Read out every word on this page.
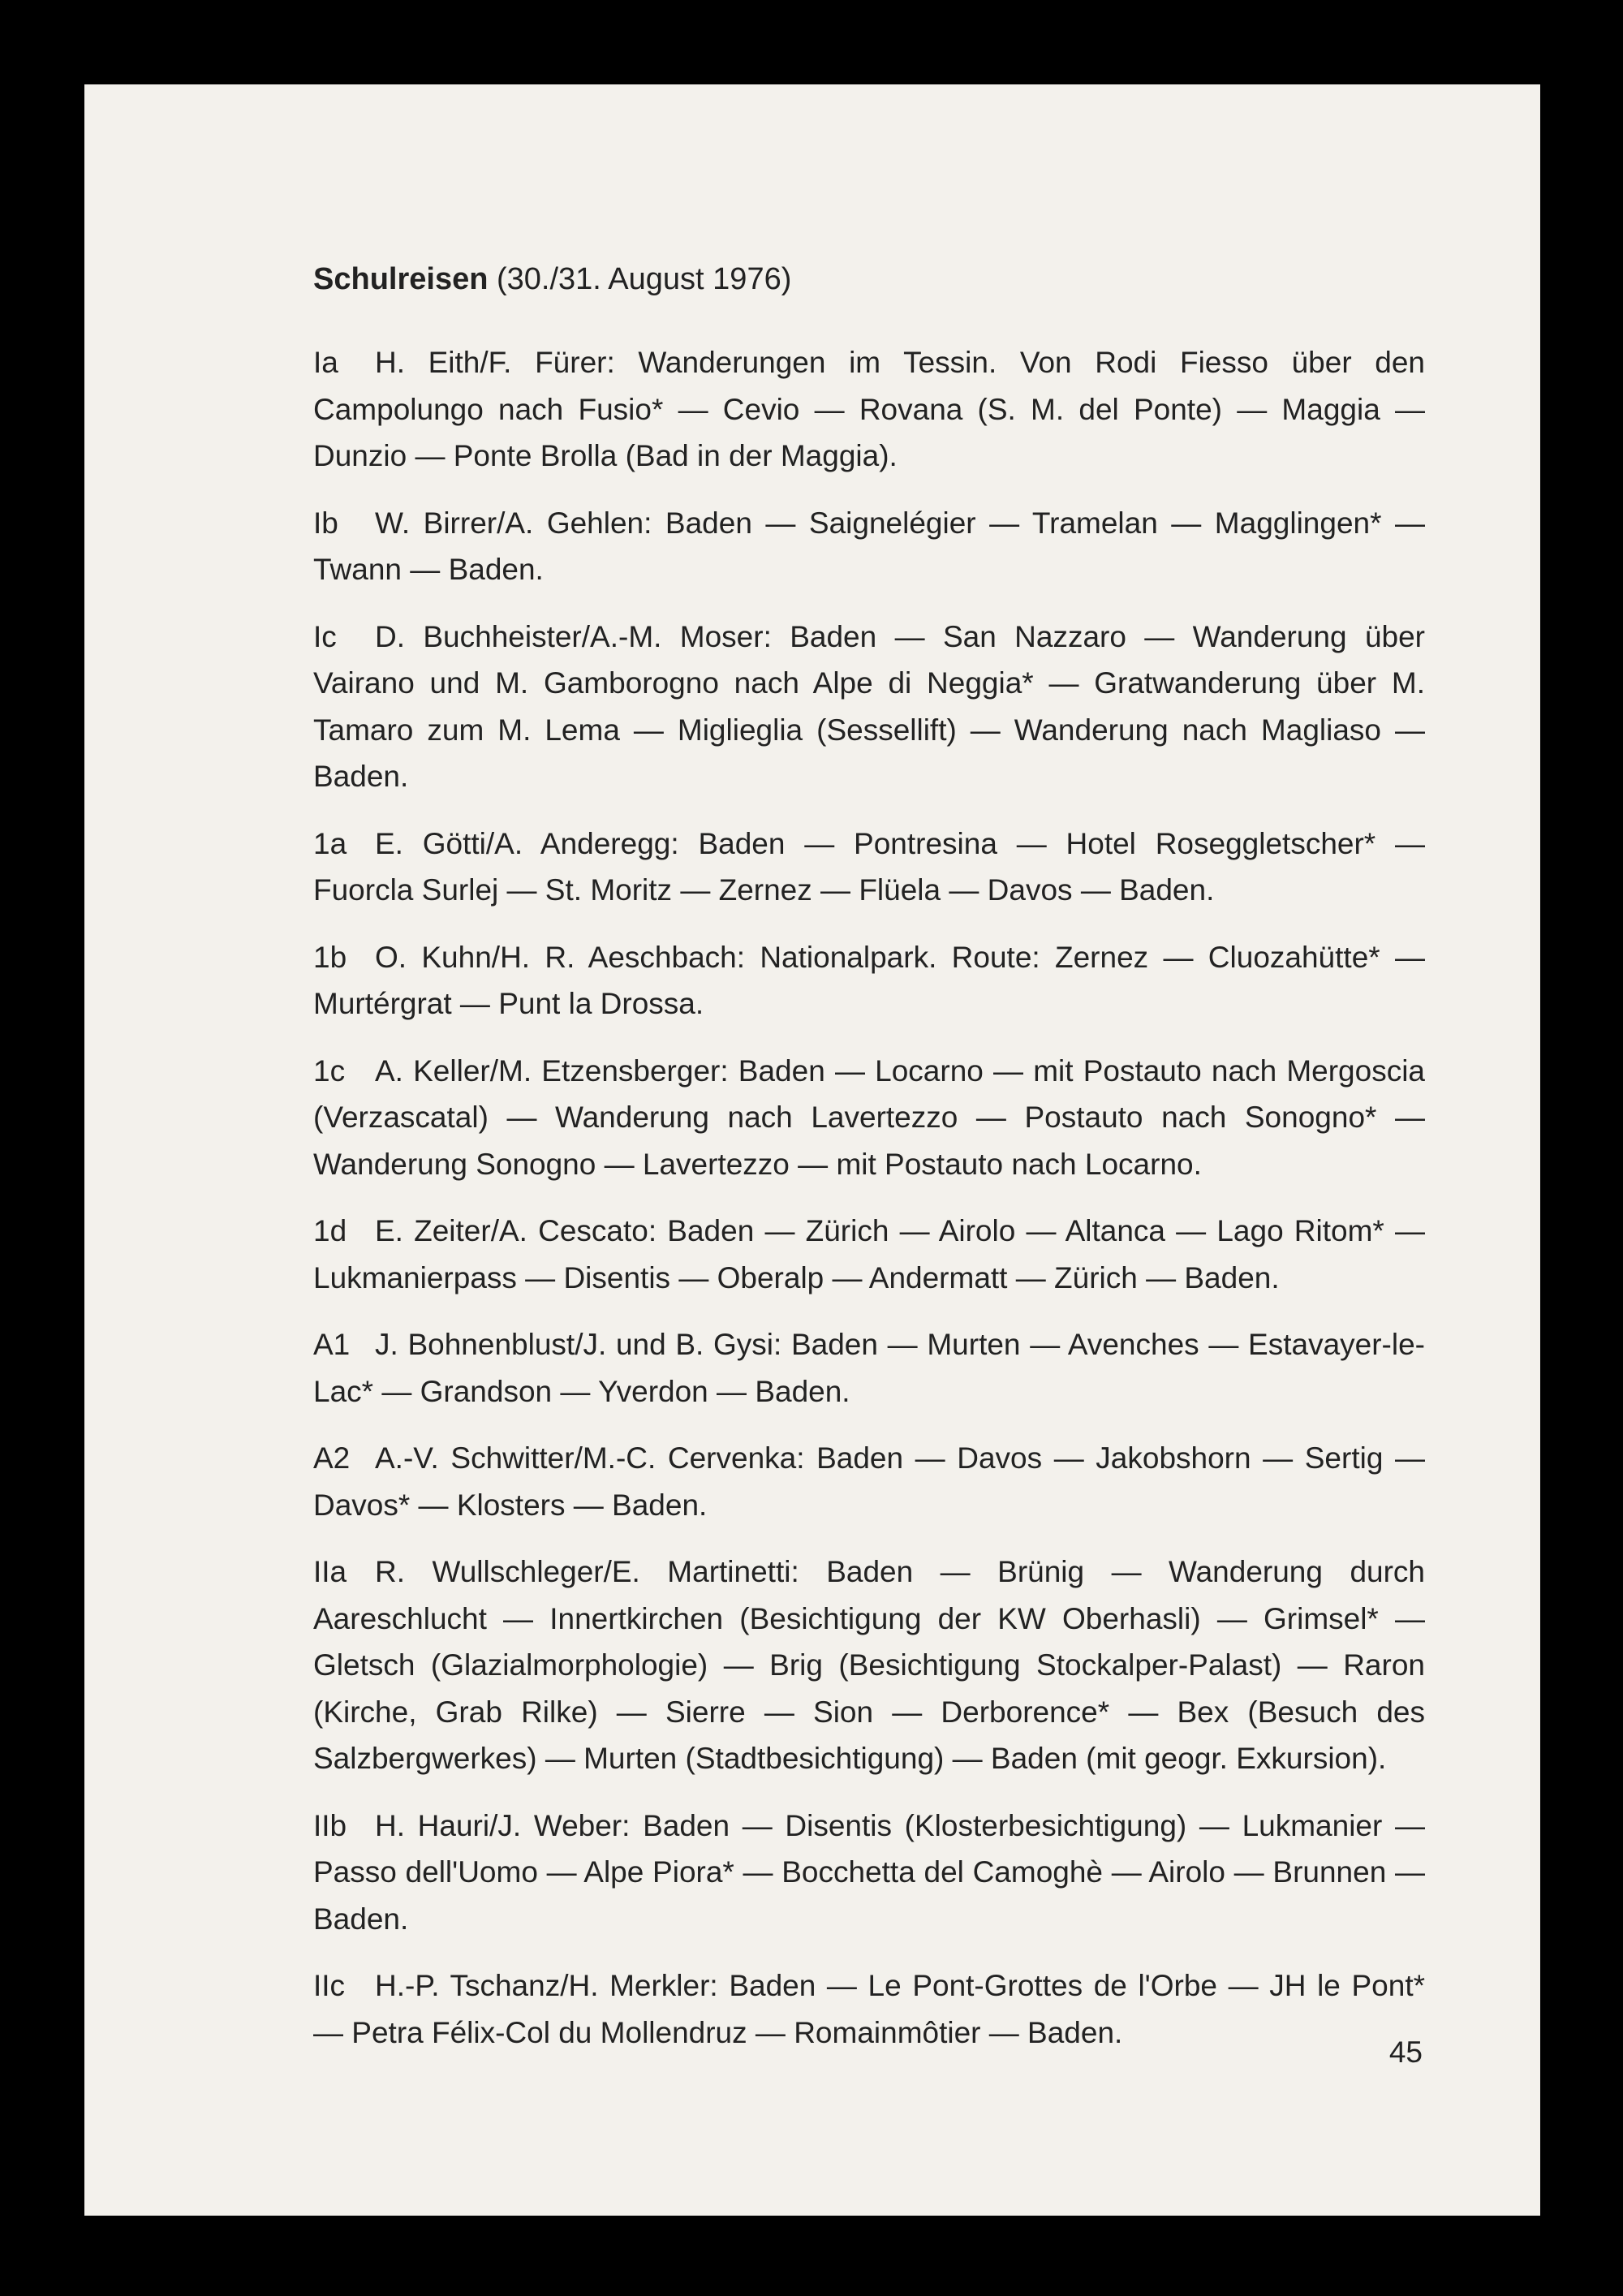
Schulreisen (30./31. August 1976)

Ia H. Eith/F. Fürer: Wanderungen im Tessin. Von Rodi Fiesso über den Campolungo nach Fusio* — Cevio — Rovana (S. M. del Ponte) — Maggia — Dunzio — Ponte Brolla (Bad in der Maggia).

Ib W. Birrer/A. Gehlen: Baden — Saignelégier — Tramelan — Magglingen* — Twann — Baden.

Ic D. Buchheister/A.-M. Moser: Baden — San Nazzaro — Wanderung über Vairano und M. Gamborogno nach Alpe di Neggia* — Gratwanderung über M. Tamaro zum M. Lema — Miglieglia (Sessellift) — Wanderung nach Magliaso — Baden.

1a E. Götti/A. Anderegg: Baden — Pontresina — Hotel Roseggletscher* — Fuorcla Surlej — St. Moritz — Zernez — Flüela — Davos — Baden.

1b O. Kuhn/H. R. Aeschbach: Nationalpark. Route: Zernez — Cluozahütte* — Murtérgrat — Punt la Drossa.

1c A. Keller/M. Etzensberger: Baden — Locarno — mit Postauto nach Mergoscia (Verzascatal) — Wanderung nach Lavertezzo — Postauto nach Sonogno* — Wanderung Sonogno — Lavertezzo — mit Postauto nach Locarno.

1d E. Zeiter/A. Cescato: Baden — Zürich — Airolo — Altanca — Lago Ritom* — Lukmanierpass — Disentis — Oberalp — Andermatt — Zürich — Baden.

A1 J. Bohnenblust/J. und B. Gysi: Baden — Murten — Avenches — Estavayer-le-Lac* — Grandson — Yverdon — Baden.

A2 A.-V. Schwitter/M.-C. Cervenka: Baden — Davos — Jakobshorn — Sertig — Davos* — Klosters — Baden.

IIa R. Wullschleger/E. Martinetti: Baden — Brünig — Wanderung durch Aareschlucht — Innertkirchen (Besichtigung der KW Oberhasli) — Grimsel* — Gletsch (Glazialmorphologie) — Brig (Besichtigung Stockalper-Palast) — Raron (Kirche, Grab Rilke) — Sierre — Sion — Derborence* — Bex (Besuch des Salzbergwerkes) — Murten (Stadtbesichtigung) — Baden (mit geogr. Exkursion).

IIb H. Hauri/J. Weber: Baden — Disentis (Klosterbesichtigung) — Lukmanier — Passo dell'Uomo — Alpe Piora* — Bocchetta del Camoghè — Airolo — Brunnen — Baden.

IIc H.-P. Tschanz/H. Merkler: Baden — Le Pont-Grottes de l'Orbe — JH le Pont* — Petra Félix-Col du Mollendruz — Romainmôtier — Baden.

45
